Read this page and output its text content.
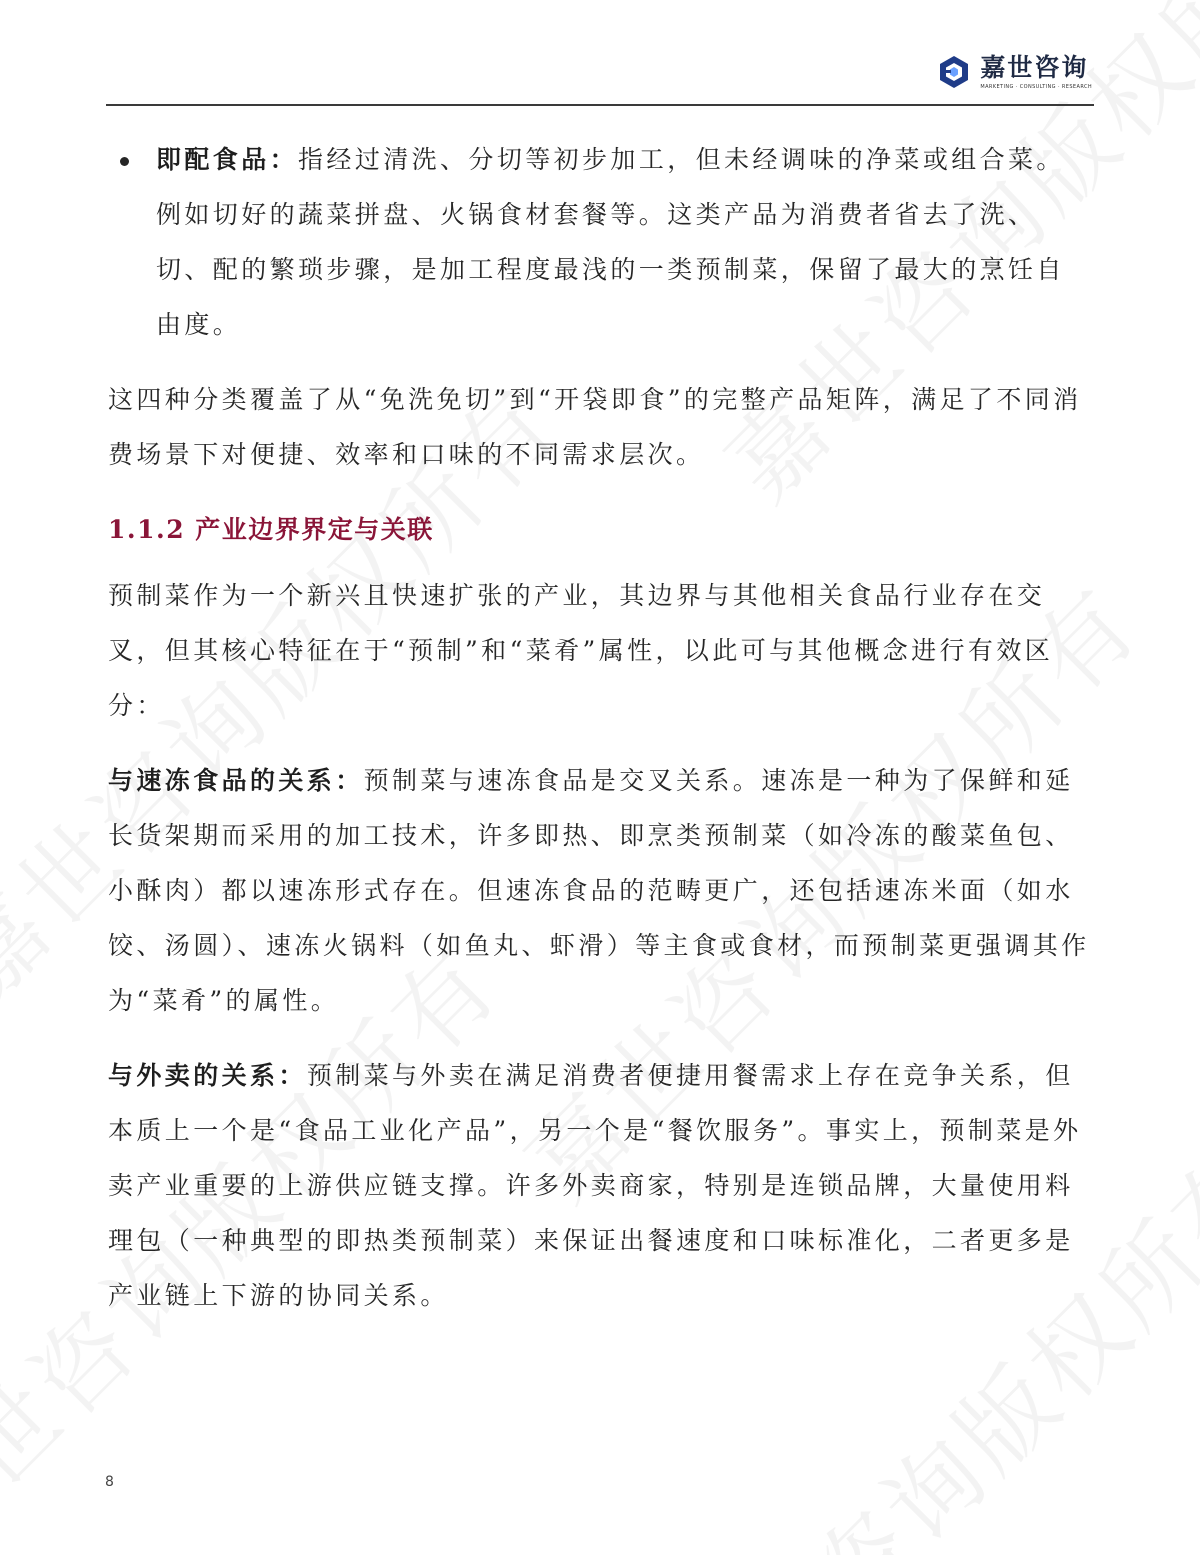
嘉世咨询
MARKETING · CONSULTING · RESEARCH
即配食品：指经过清洗、分切等初步加工，但未经调味的净菜或组合菜。例如切好的蔬菜拼盘、火锅食材套餐等。这类产品为消费者省去了洗、切、配的繁琐步骤，是加工程度最浅的一类预制菜，保留了最大的烹饪自由度。

这四种分类覆盖了从“免洗免切”到“开袋即食”的完整产品矩阵，满足了不同消费场景下对便捷、效率和口味的不同需求层次。

1.1.2 产业边界界定与关联

预制菜作为一个新兴且快速扩张的产业，其边界与其他相关食品行业存在交叉，但其核心特征在于“预制”和“菜肴”属性，以此可与其他概念进行有效区分：

与速冻食品的关系：预制菜与速冻食品是交叉关系。速冻是一种为了保鲜和延长货架期而采用的加工技术，许多即热、即烹类预制菜（如冷冻的酸菜鱼包、小酥肉）都以速冻形式存在。但速冻食品的范畴更广，还包括速冻米面（如水饺、汤圆）、速冻火锅料（如鱼丸、虾滑）等主食或食材，而预制菜更强调其作为“菜肴”的属性。

与外卖的关系：预制菜与外卖在满足消费者便捷用餐需求上存在竞争关系，但本质上一个是“食品工业化产品”，另一个是“餐饮服务”。事实上，预制菜是外卖产业重要的上游供应链支撑。许多外卖商家，特别是连锁品牌，大量使用料理包（一种典型的即热类预制菜）来保证出餐速度和口味标准化，二者更多是产业链上下游的协同关系。

8
